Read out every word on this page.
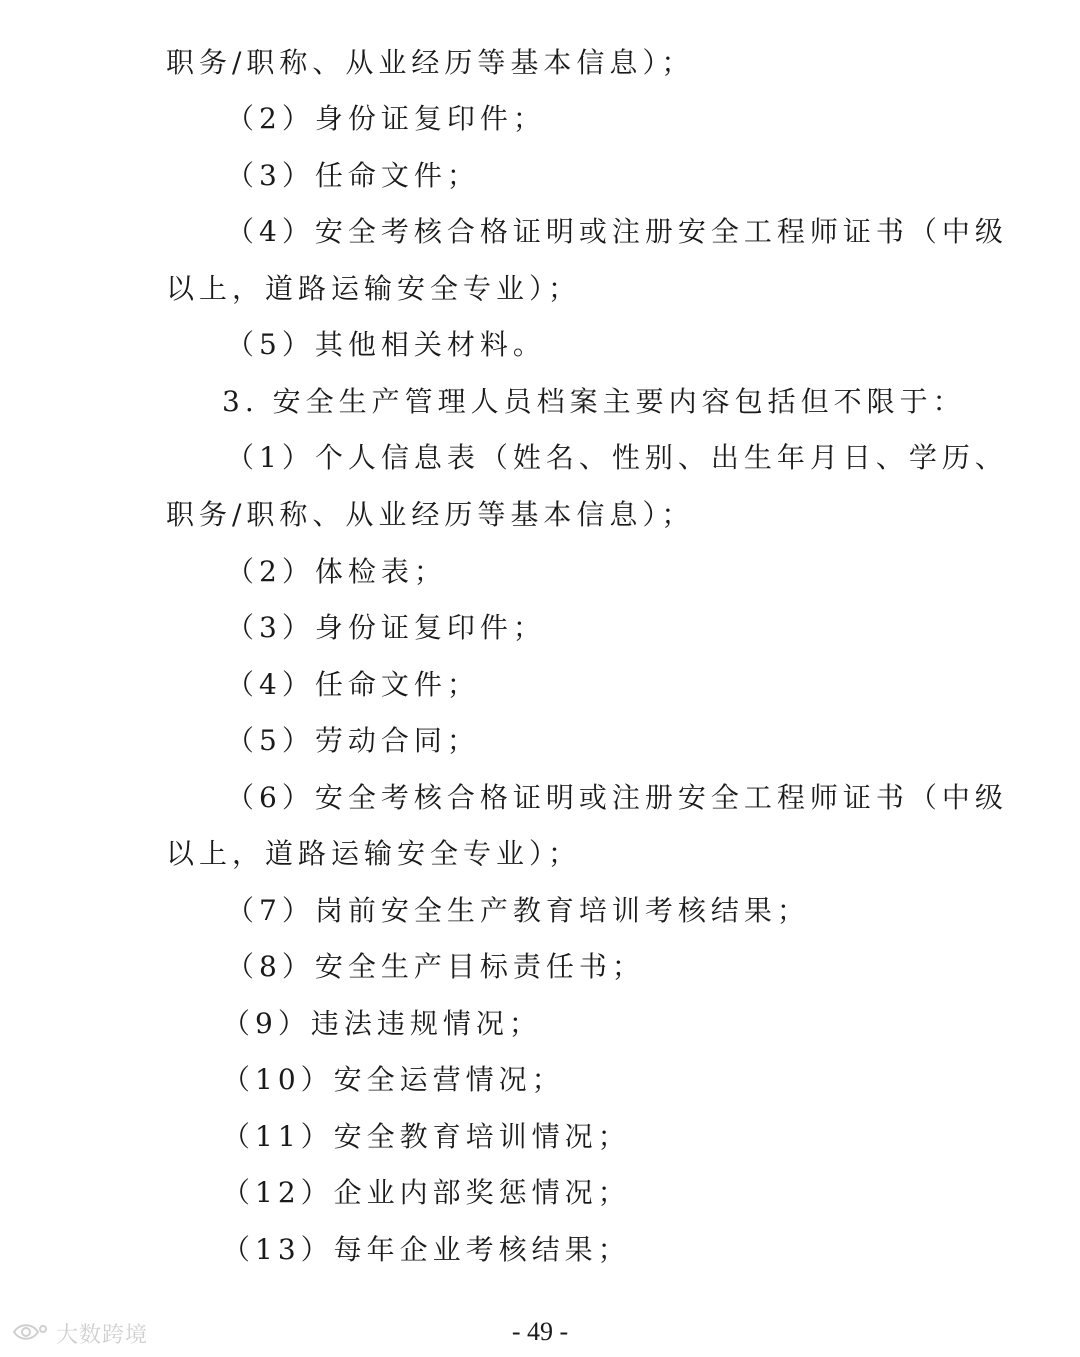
职务/职称、从业经历等基本信息）；
（2）身份证复印件；
（3）任命文件；
（4）安全考核合格证明或注册安全工程师证书（中级
以上，道路运输安全专业）；
（5）其他相关材料。
3. 安全生产管理人员档案主要内容包括但不限于：
（1）个人信息表（姓名、性别、出生年月日、学历、
职务/职称、从业经历等基本信息）；
（2）体检表；
（3）身份证复印件；
（4）任命文件；
（5）劳动合同；
（6）安全考核合格证明或注册安全工程师证书（中级
以上，道路运输安全专业）；
（7）岗前安全生产教育培训考核结果；
（8）安全生产目标责任书；
（9）违法违规情况；
（10）安全运营情况；
（11）安全教育培训情况；
（12）企业内部奖惩情况；
（13）每年企业考核结果；
- 49 -
大数跨境
